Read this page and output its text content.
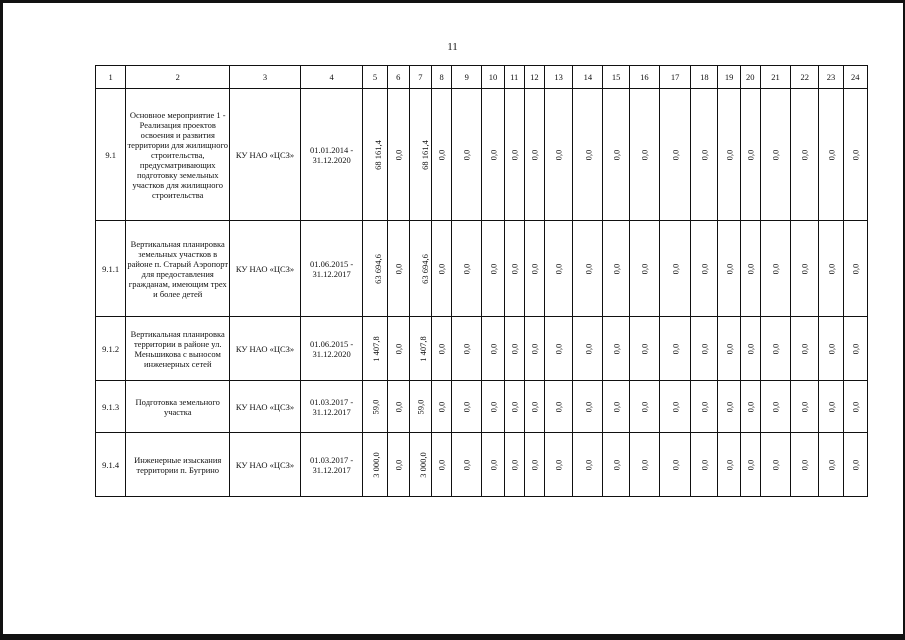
11
1	2	3	4	5	6	7	8	9	10	11	12	13	14	15	16	17	18	19	20	21	22	23	24
9.1	Основное мероприятие 1 - Реализация проектов освоения и развития территории для жилищного строительства, предусматривающих подготовку земельных участков для жилищного строительства	КУ НАО «ЦСЗ»	01.01.2014 - 31.12.2020	68 161,4	0,0	68 161,4	0,0	0,0	0,0	0,0	0,0	0,0	0,0	0,0	0,0	0,0	0,0	0,0	0,0	0,0	0,0	0,0	0,0
9.1.1	Вертикальная планировка земельных участков в районе п. Старый Аэропорт для предоставления гражданам, имеющим трех и более детей	КУ НАО «ЦСЗ»	01.06.2015 - 31.12.2017	63 694,6	0,0	63 694,6	0,0	0,0	0,0	0,0	0,0	0,0	0,0	0,0	0,0	0,0	0,0	0,0	0,0	0,0	0,0	0,0	0,0
9.1.2	Вертикальная планировка территории в районе ул. Меньшикова с выносом инженерных сетей	КУ НАО «ЦСЗ»	01.06.2015 - 31.12.2020	1 407,8	0,0	1 407,8	0,0	0,0	0,0	0,0	0,0	0,0	0,0	0,0	0,0	0,0	0,0	0,0	0,0	0,0	0,0	0,0	0,0
9.1.3	Подготовка земельного участка	КУ НАО «ЦСЗ»	01.03.2017 - 31.12.2017	59,0	0,0	59,0	0,0	0,0	0,0	0,0	0,0	0,0	0,0	0,0	0,0	0,0	0,0	0,0	0,0	0,0	0,0	0,0	0,0
9.1.4	Инженерные изыскания территории п. Бугрино	КУ НАО «ЦСЗ»	01.03.2017 - 31.12.2017	3 000,0	0,0	3 000,0	0,0	0,0	0,0	0,0	0,0	0,0	0,0	0,0	0,0	0,0	0,0	0,0	0,0	0,0	0,0	0,0	0,0
